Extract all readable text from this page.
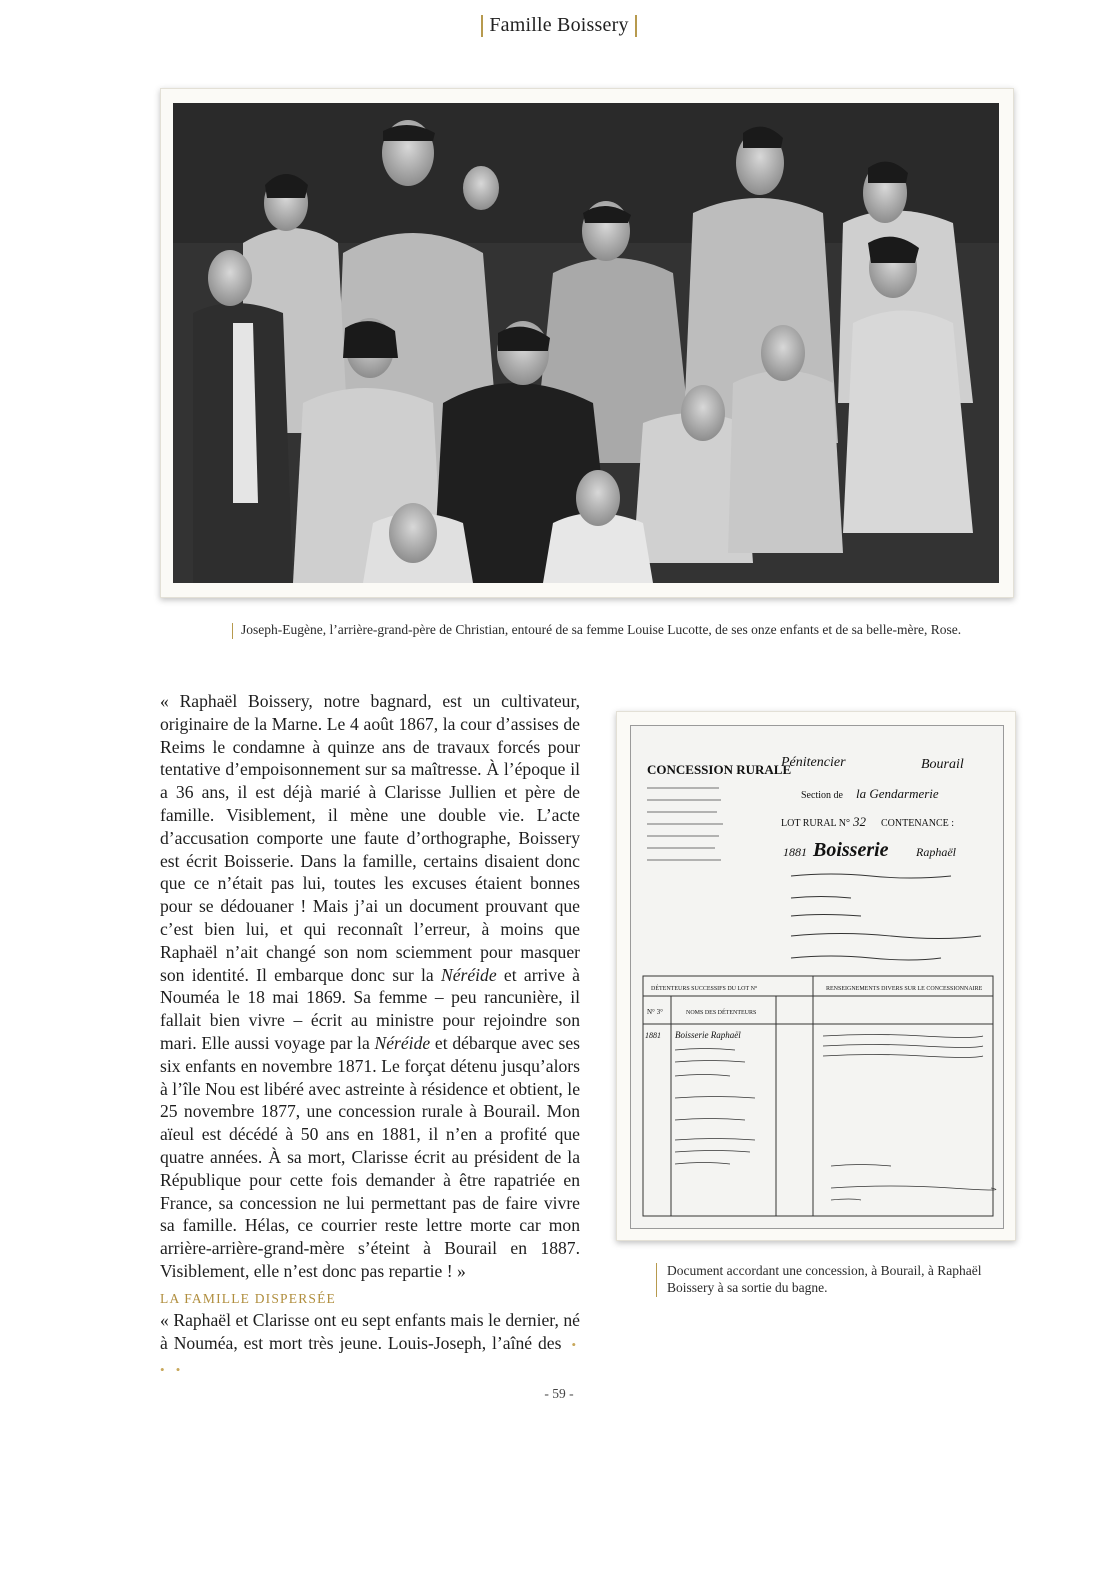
Famille Boissery
Joseph-Eugène, l’arrière-grand-père de Christian, entouré de sa femme Louise Lucotte, de ses onze enfants et de sa belle-mère, Rose.

« Raphaël Boissery, notre bagnard, est un cultivateur, originaire de la Marne. Le 4 août 1867, la cour d’assises de Reims le condamne à quinze ans de travaux forcés pour tentative d’empoisonnement sur sa maîtresse. À l’époque il a 36 ans, il est déjà marié à Clarisse Jullien et père de famille. Visiblement, il mène une double vie. L’acte d’accusation comporte une faute d’orthographe, Boissery est écrit Boisserie. Dans la famille, certains disaient donc que ce n’était pas lui, toutes les excuses étaient bonnes pour se dédouaner ! Mais j’ai un document prouvant que c’est bien lui, et qui reconnaît l’erreur, à moins que Raphaël n’ait changé son nom sciemment pour masquer son identité. Il embarque donc sur la Néréide et arrive à Nouméa le 18 mai 1869. Sa femme – peu rancunière, il fallait bien vivre – écrit au ministre pour rejoindre son mari. Elle aussi voyage par la Néréide et débarque avec ses six enfants en novembre 1871. Le forçat détenu jusqu’alors à l’île Nou est libéré avec astreinte à résidence et obtient, le 25 novembre 1877, une concession rurale à Bourail. Mon aïeul est décédé à 50 ans en 1881, il n’en a profité que quatre années. À sa mort, Clarisse écrit au président de la République pour cette fois demander à être rapatriée en France, sa concession ne lui permettant pas de faire vivre sa famille. Hélas, ce courrier reste lettre morte car mon arrière-arrière-grand-mère s’éteint à Bourail en 1887. Visiblement, elle n’est donc pas repartie ! »

LA FAMILLE DISPERSÉE

« Raphaël et Clarisse ont eu sept enfants mais le dernier, né à Nouméa, est mort très jeune. Louis-Joseph, l’aîné des • • •

CONCESSION RURALE
Pénitencier	Bourail
Section de la Gendarmerie
LOT RURAL N° 32 CONTENANCE :
1881 Boisserie Raphaël
DÉTENTEURS SUCCESSIFS DU LOT N°	RENSEIGNEMENTS DIVERS SUR LE CONCESSIONNAIRE
N° 3°	NOMS DES DÉTENTEURS
1881 Boisserie Raphaël
Document accordant une concession, à Bourail, à Raphaël Boissery à sa sortie du bagne.
- 59 -
